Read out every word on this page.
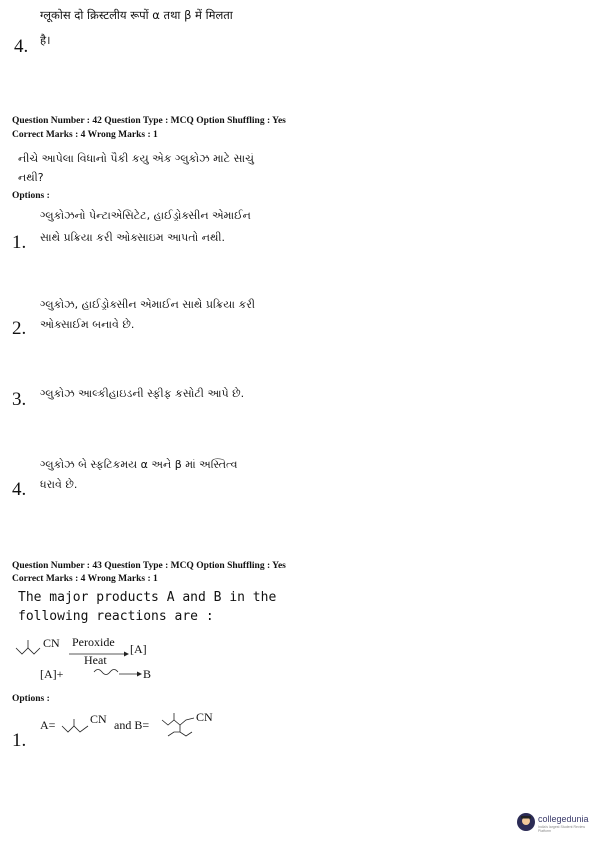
ग्लूकोस दो क्रिस्टलीय रूपों α तथा β में मिलता
4. है।
Question Number : 42 Question Type : MCQ Option Shuffling : Yes
Correct Marks : 4 Wrong Marks : 1
નીચે આપેલા વિધાનો પૈકી કયુ એક ગ્લુકોઝ માટે સાચું
નથી?
Options :
ગ્લુકોઝનો પેન્ટાએસિટેટ, હાઈડ્રોક્સીન એમાઈન
1. સાથે પ્રક્રિયા કરી ઓક્સાઇમ આપતો નથી.
ગ્લુકોઝ, હાઈડ્રોક્સીન એમાઈન સાથે પ્રક્રિયા કરી
2. ઓક્સાઈમ બનાવે છે.
3. ગ્લુકોઝ આલ્કીહાઇડની સ્ફીફ કસોટી આપે છે.
ગ્લુકોઝ બે સ્ફટિકમય α અને β માં અસ્તિત્વ
4. ધરાવે છે.
Question Number : 43 Question Type : MCQ Option Shuffling : Yes
Correct Marks : 4 Wrong Marks : 1
The major products A and B in the
following reactions are :
CN Peroxide
Heat
[A]
[A]+	B
Options :
1.
A=	CN and B=
CN
collegedunia
India's largest Student Review Platform
